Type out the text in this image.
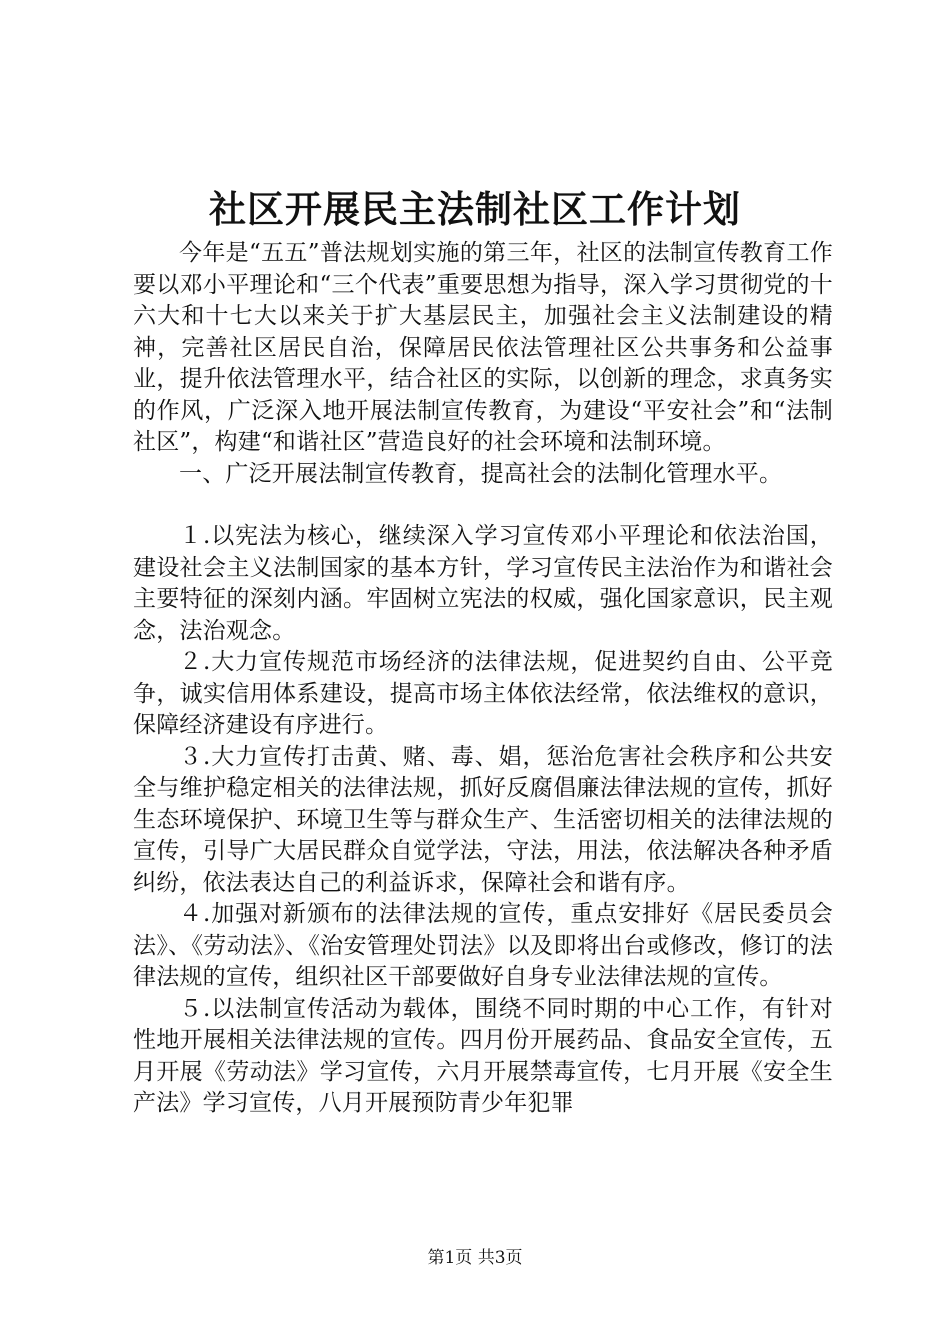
社区开展民主法制社区工作计划

今年是“五五”普法规划实施的第三年，社区的法制宣传教育工作要以邓小平理论和“三个代表”重要思想为指导，深入学习贯彻党的十六大和十七大以来关于扩大基层民主，加强社会主义法制建设的精神，完善社区居民自治，保障居民依法管理社区公共事务和公益事业，提升依法管理水平，结合社区的实际，以创新的理念，求真务实的作风，广泛深入地开展法制宣传教育，为建设“平安社会”和“法制社区”，构建“和谐社区”营造良好的社会环境和法制环境。

一、广泛开展法制宣传教育，提高社会的法制化管理水平。

１.以宪法为核心，继续深入学习宣传邓小平理论和依法治国，建设社会主义法制国家的基本方针，学习宣传民主法治作为和谐社会主要特征的深刻内涵。牢固树立宪法的权威，强化国家意识，民主观念，法治观念。

２.大力宣传规范市场经济的法律法规，促进契约自由、公平竞争，诚实信用体系建设，提高市场主体依法经常，依法维权的意识，保障经济建设有序进行。

３.大力宣传打击黄、赌、毒、娼，惩治危害社会秩序和公共安全与维护稳定相关的法律法规，抓好反腐倡廉法律法规的宣传，抓好生态环境保护、环境卫生等与群众生产、生活密切相关的法律法规的宣传，引导广大居民群众自觉学法，守法，用法，依法解决各种矛盾纠纷，依法表达自己的利益诉求，保障社会和谐有序。

４.加强对新颁布的法律法规的宣传，重点安排好《居民委员会法》、《劳动法》、《治安管理处罚法》以及即将出台或修改，修订的法律法规的宣传，组织社区干部要做好自身专业法律法规的宣传。

５.以法制宣传活动为载体，围绕不同时期的中心工作，有针对性地开展相关法律法规的宣传。四月份开展药品、食品安全宣传，五月开展《劳动法》学习宣传，六月开展禁毒宣传，七月开展《安全生产法》学习宣传，八月开展预防青少年犯罪

第1页 共3页
